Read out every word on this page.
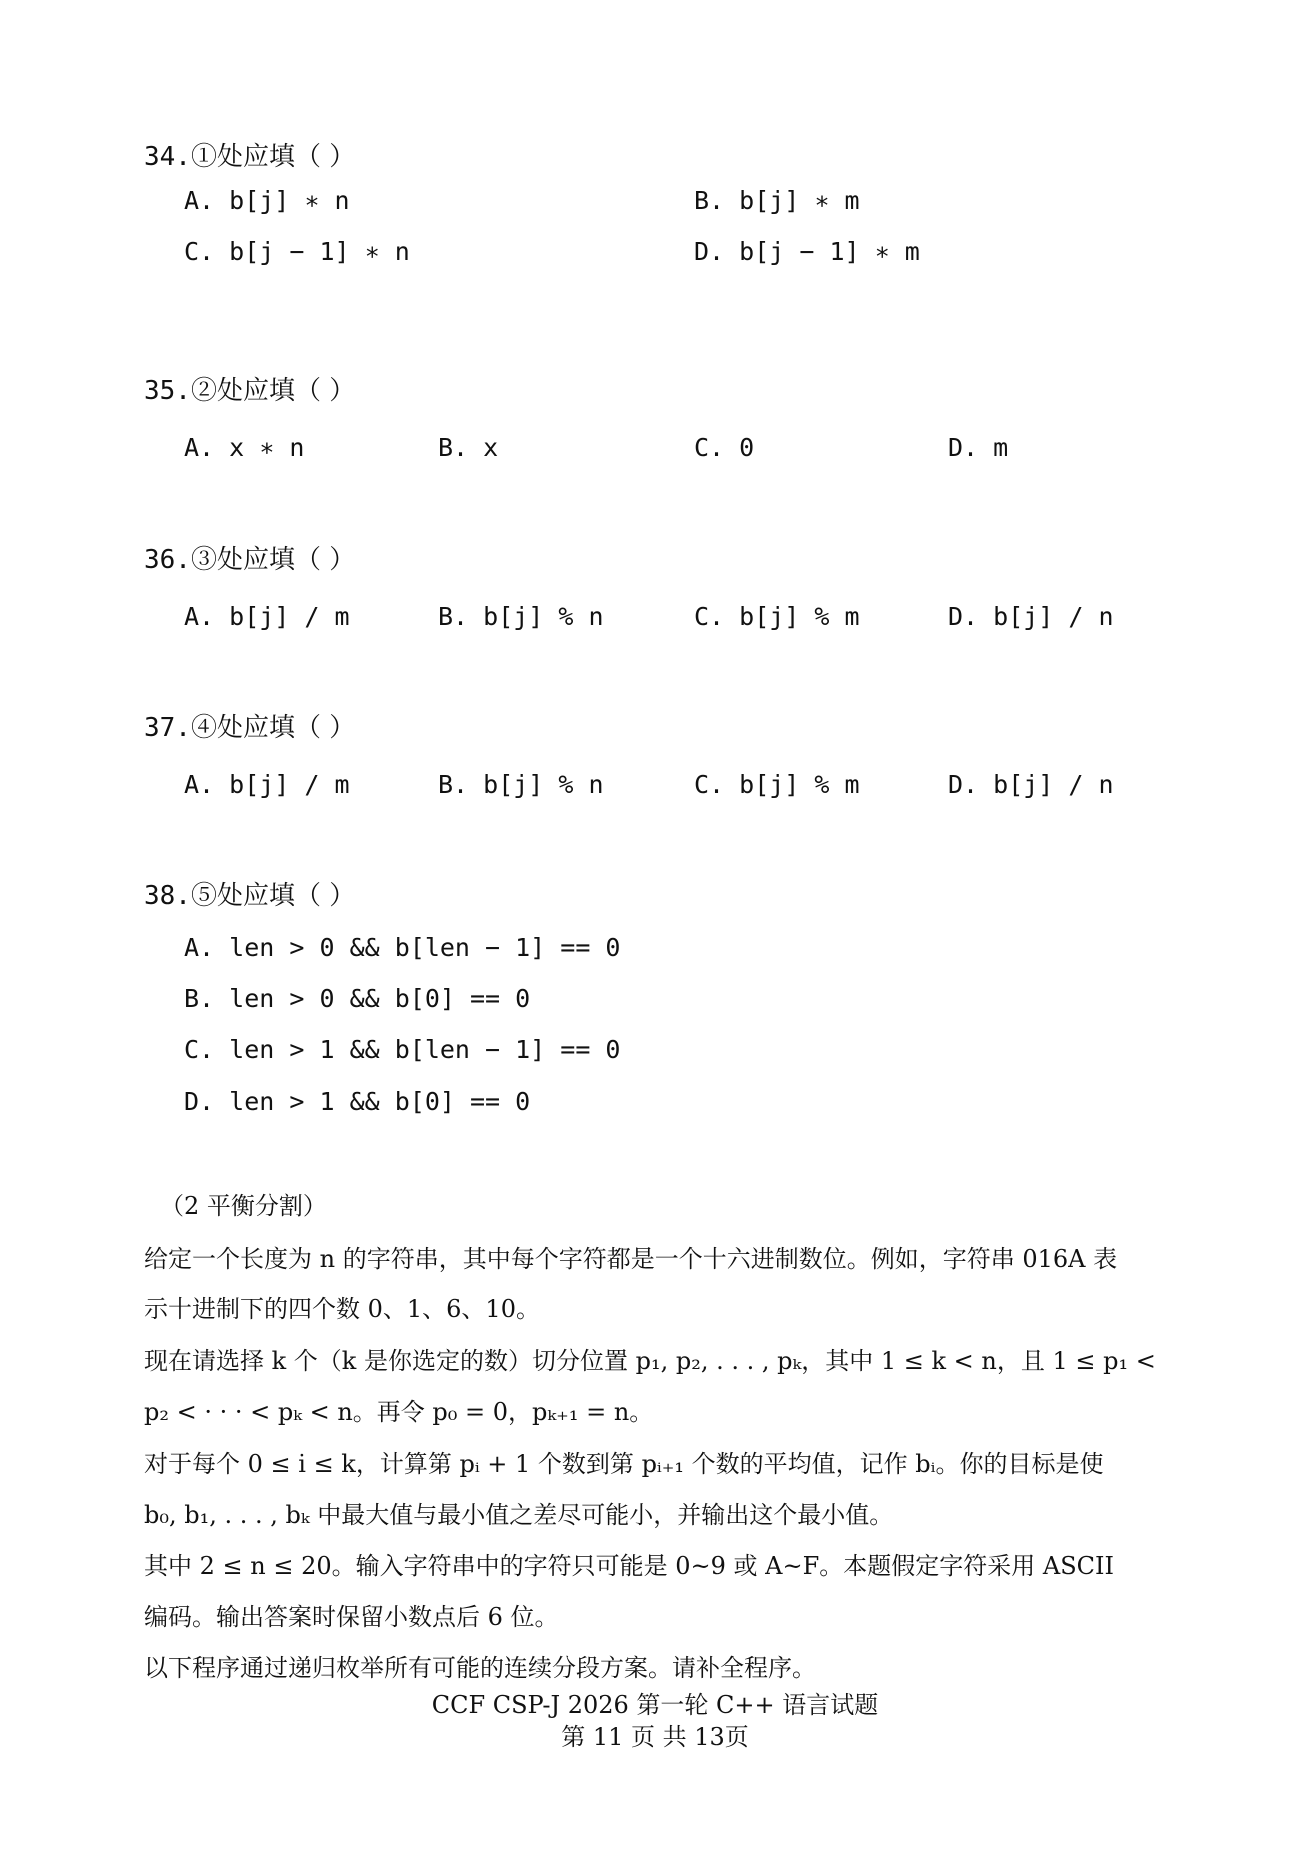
34.①处应填（ ）
A. b[j] ∗ n	B. b[j] ∗ m
C. b[j − 1] ∗ n	D. b[j − 1] ∗ m
35.②处应填（ ）
A. x ∗ n	B. x	C. 0	D. m
36.③处应填（ ）
A. b[j] / m	B. b[j] % n	C. b[j] % m	D. b[j] / n
37.④处应填（ ）
A. b[j] / m	B. b[j] % n	C. b[j] % m	D. b[j] / n
38.⑤处应填（ ）
A. len > 0 && b[len − 1] == 0
B. len > 0 && b[0] == 0
C. len > 1 && b[len − 1] == 0
D. len > 1 && b[0] == 0
（2 平衡分割）
给定一个长度为 n 的字符串，其中每个字符都是一个十六进制数位。例如，字符串 016A 表
示十进制下的四个数 0、1、6、10。
现在请选择 k 个（k 是你选定的数）切分位置 p₁, p₂, . . . , pₖ，其中 1 ≤ k < n，且 1 ≤ p₁ <
p₂ < · · · < pₖ < n。再令 p₀ = 0，pₖ₊₁ = n。
对于每个 0 ≤ i ≤ k，计算第 pᵢ + 1 个数到第 pᵢ₊₁ 个数的平均值，记作 bᵢ。你的目标是使
b₀, b₁, . . . , bₖ 中最大值与最小值之差尽可能小，并输出这个最小值。
其中 2 ≤ n ≤ 20。输入字符串中的字符只可能是 0~9 或 A~F。本题假定字符采用 ASCII
编码。输出答案时保留小数点后 6 位。
以下程序通过递归枚举所有可能的连续分段方案。请补全程序。
CCF CSP-J 2026 第一轮 C++ 语言试题
第 11 页 共 13页
